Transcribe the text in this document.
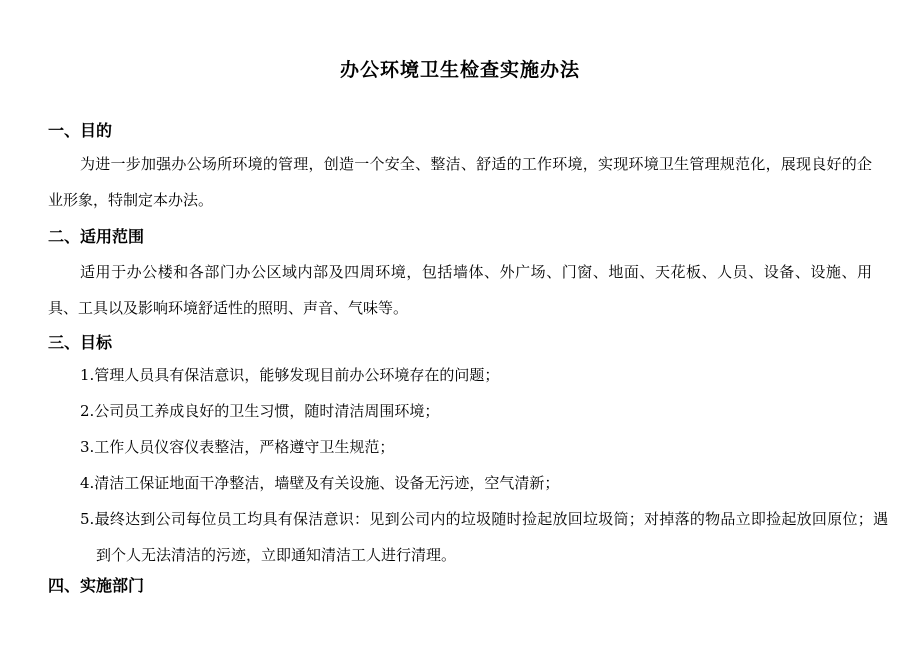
办公环境卫生检查实施办法
一、目的
为进一步加强办公场所环境的管理，创造一个安全、整洁、舒适的工作环境，实现环境卫生管理规范化，展现良好的企业形象，特制定本办法。
二、适用范围
适用于办公楼和各部门办公区域内部及四周环境，包括墙体、外广场、门窗、地面、天花板、人员、设备、设施、用具、工具以及影响环境舒适性的照明、声音、气味等。
三、目标
1.管理人员具有保洁意识，能够发现目前办公环境存在的问题；
2.公司员工养成良好的卫生习惯，随时清洁周围环境；
3.工作人员仪容仪表整洁，严格遵守卫生规范；
4.清洁工保证地面干净整洁，墙壁及有关设施、设备无污迹，空气清新；
5.最终达到公司每位员工均具有保洁意识：见到公司内的垃圾随时捡起放回垃圾筒；对掉落的物品立即捡起放回原位；遇到个人无法清洁的污迹，立即通知清洁工人进行清理。
四、实施部门
